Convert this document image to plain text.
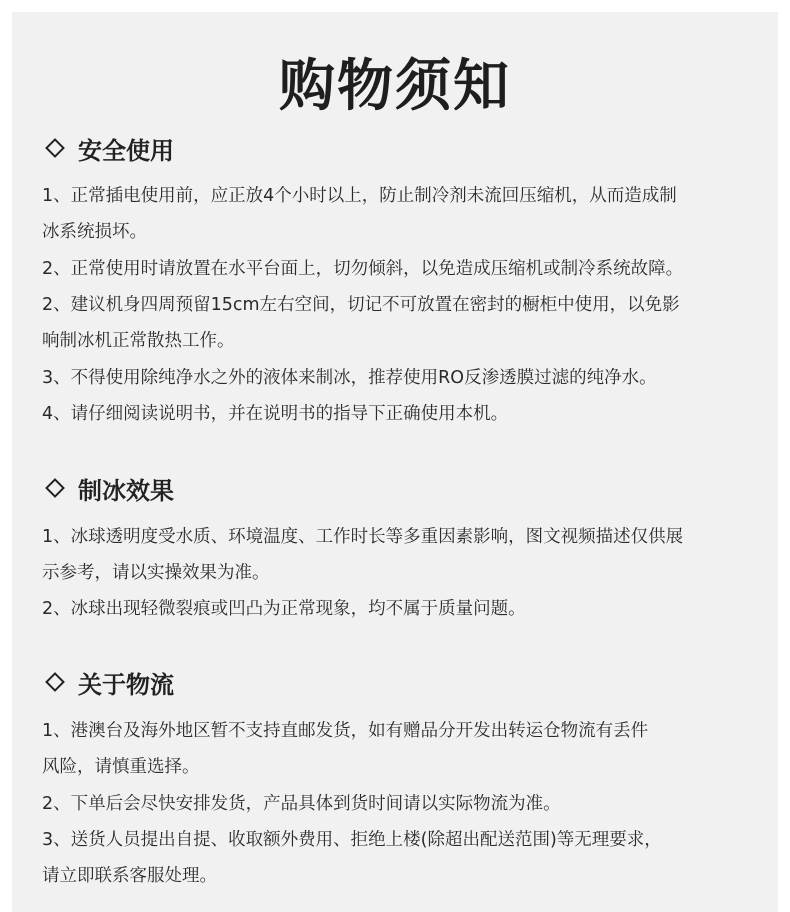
购物须知
安全使用

1、正常插电使用前，应正放4个小时以上，防止制冷剂未流回压缩机，从而造成制

冰系统损坏。

2、正常使用时请放置在水平台面上，切勿倾斜，以免造成压缩机或制冷系统故障。

2、建议机身四周预留15cm左右空间，切记不可放置在密封的橱柜中使用，以免影

响制冰机正常散热工作。

3、不得使用除纯净水之外的液体来制冰，推荐使用RO反渗透膜过滤的纯净水。

4、请仔细阅读说明书，并在说明书的指导下正确使用本机。

制冰效果

1、冰球透明度受水质、环境温度、工作时长等多重因素影响，图文视频描述仅供展

示参考，请以实操效果为准。

2、冰球出现轻微裂痕或凹凸为正常现象，均不属于质量问题。

关于物流

1、港澳台及海外地区暂不支持直邮发货，如有赠品分开发出转运仓物流有丢件

风险，请慎重选择。

2、下单后会尽快安排发货，产品具体到货时间请以实际物流为准。

3、送货人员提出自提、收取额外费用、拒绝上楼(除超出配送范围)等无理要求，

请立即联系客服处理。
